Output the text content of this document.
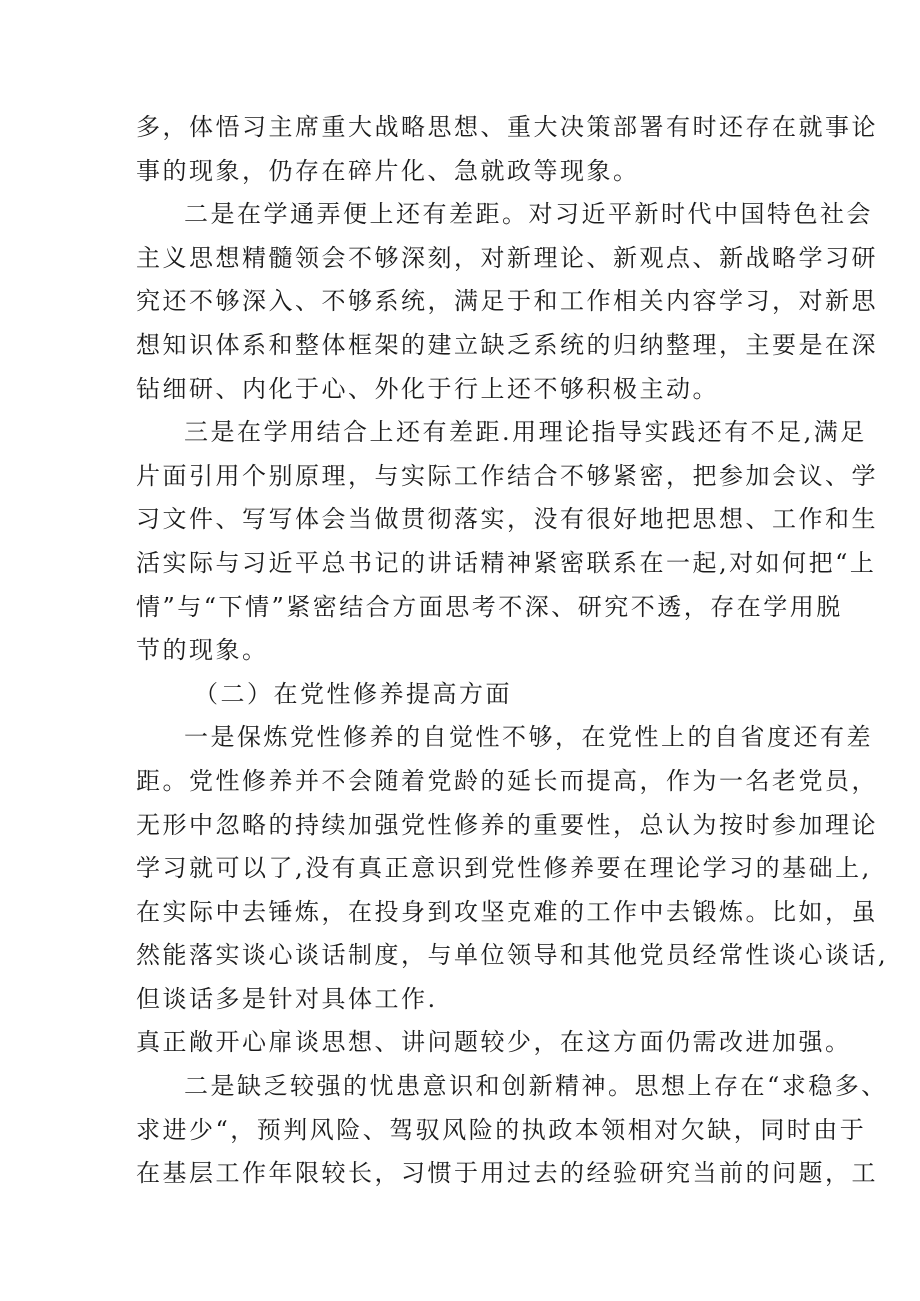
多，体悟习主席重大战略思想、重大决策部署有时还存在就事论
事的现象，仍存在碎片化、急就政等现象。
二是在学通弄便上还有差距。对习近平新时代中国特色社会
主义思想精髓领会不够深刻，对新理论、新观点、新战略学习研
究还不够深入、不够系统，满足于和工作相关内容学习，对新思
想知识体系和整体框架的建立缺乏系统的归纳整理，主要是在深
钻细研、内化于心、外化于行上还不够积极主动。
三是在学用结合上还有差距.用理论指导实践还有不足,满足
片面引用个别原理，与实际工作结合不够紧密，把参加会议、学
习文件、写写体会当做贯彻落实，没有很好地把思想、工作和生
活实际与习近平总书记的讲话精神紧密联系在一起,对如何把“上
情”与“下情”紧密结合方面思考不深、研究不透，存在学用脱
节的现象。
（二）在党性修养提高方面
一是保炼党性修养的自觉性不够，在党性上的自省度还有差
距。党性修养并不会随着党龄的延长而提高，作为一名老党员，
无形中忽略的持续加强党性修养的重要性，总认为按时参加理论
学习就可以了,没有真正意识到党性修养要在理论学习的基础上,
在实际中去锤炼，在投身到攻坚克难的工作中去锻炼。比如，虽
然能落实谈心谈话制度，与单位领导和其他党员经常性谈心谈话,
但谈话多是针对具体工作.
真正敞开心扉谈思想、讲问题较少，在这方面仍需改进加强。
二是缺乏较强的忧患意识和创新精神。思想上存在“求稳多、
求进少“，预判风险、驾驭风险的执政本领相对欠缺，同时由于
在基层工作年限较长，习惯于用过去的经验研究当前的问题，工
